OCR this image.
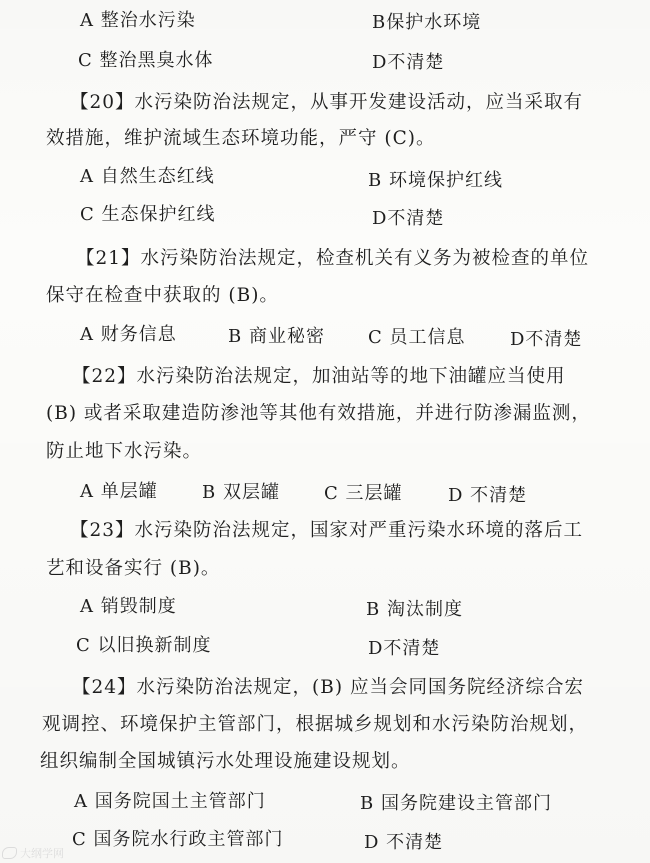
A 整治水污染	B保护水环境
C 整治黑臭水体	D不清楚
【20】水污染防治法规定，从事开发建设活动，应当采取有
效措施，维护流域生态环境功能，严守 (C)。
A 自然生态红线	B 环境保护红线
C 生态保护红线	D不清楚
【21】水污染防治法规定，检查机关有义务为被检查的单位
保守在检查中获取的 (B)。
A 财务信息	B 商业秘密 C 员工信息 D不清楚
【22】水污染防治法规定，加油站等的地下油罐应当使用
(B) 或者采取建造防渗池等其他有效措施，并进行防渗漏监测，
防止地下水污染。
A 单层罐 B 双层罐 C 三层罐	D 不清楚
【23】水污染防治法规定，国家对严重污染水环境的落后工
艺和设备实行 (B)。
A 销毁制度	B 淘汰制度
C 以旧换新制度	D不清楚
【24】水污染防治法规定，(B) 应当会同国务院经济综合宏
观调控、环境保护主管部门，根据城乡规划和水污染防治规划，
组织编制全国城镇污水处理设施建设规划。
A 国务院国土主管部门	B 国务院建设主管部门
C 国务院水行政主管部门	D 不清楚
大纲学网
